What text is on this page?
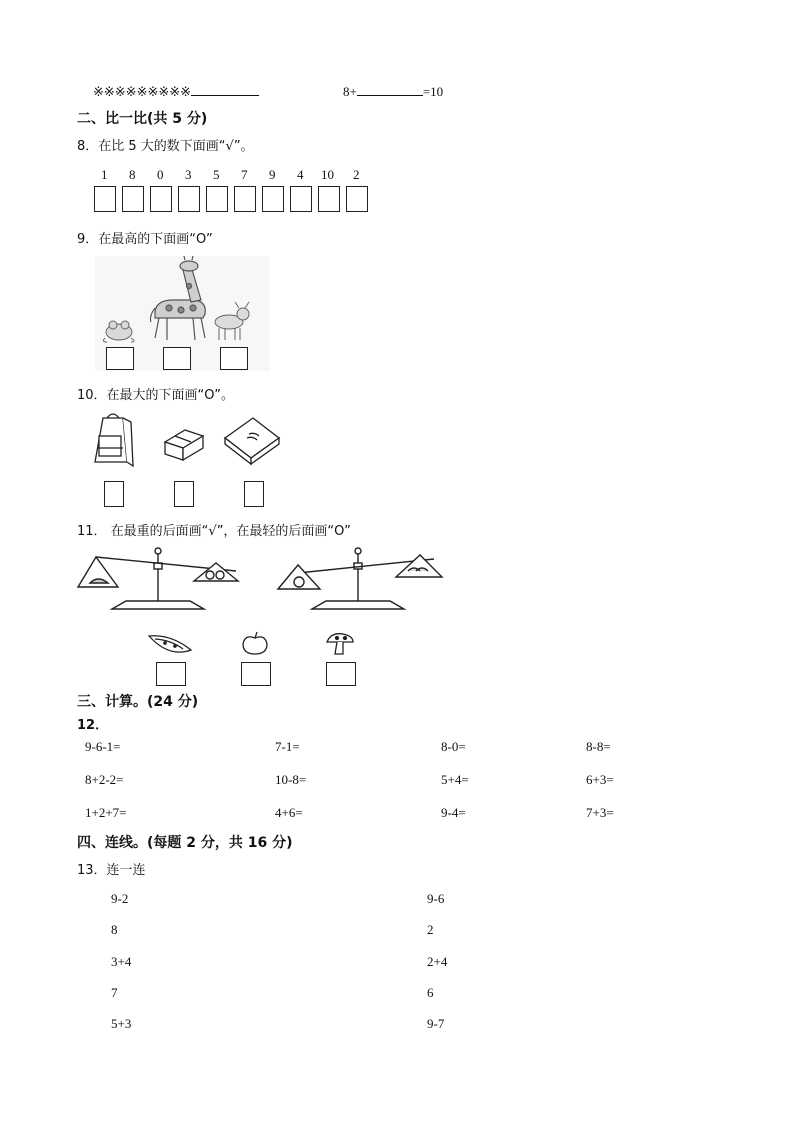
※※※※※※※※※	8+	=10
二、比一比(共 5 分)
8．在比 5 大的数下面画“√”。
1 8 0 3 5 7 9 4 10 2
9．在最高的下面画“O”
10．在最大的下面画“O”。
11． 在最重的后面画“√”，在最轻的后面画“O”
三、计算。(24 分)
12．
9-6-1=	7-1=	8-0=	8-8=
8+2-2=	10-8=	5+4=	6+3=
1+2+7=	4+6=	9-4=	7+3=
四、连线。(每题 2 分，共 16 分)
13．连一连
9-2
8
3+4
7
5+3
9-6
2
2+4
6
9-7
